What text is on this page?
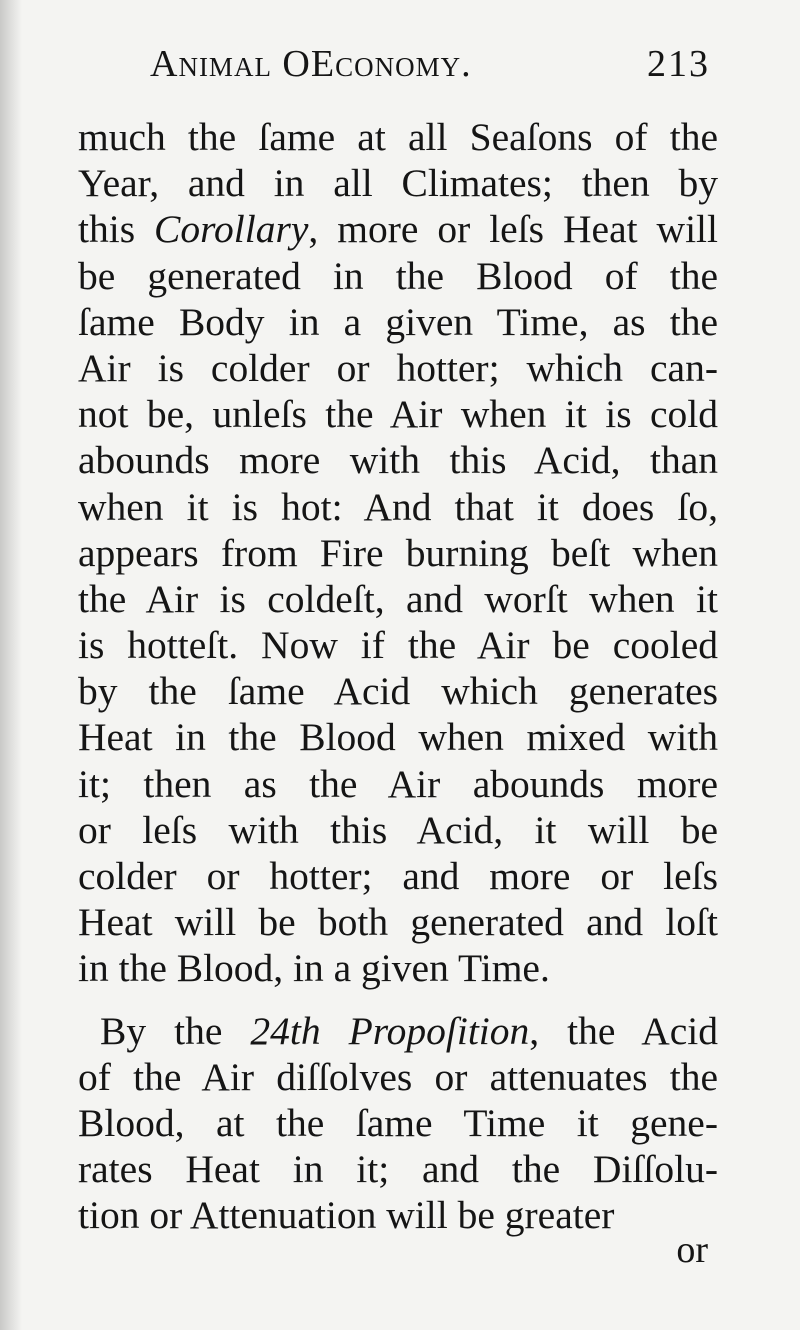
Animal OEconomy.	213
much the ſame at all Seaſons of the
Year, and in all Climates; then by
this Corollary, more or leſs Heat will
be generated in the Blood of the
ſame Body in a given Time, as the
Air is colder or hotter; which can-
not be, unleſs the Air when it is cold
abounds more with this Acid, than
when it is hot: And that it does ſo,
appears from Fire burning beſt when
the Air is coldeſt, and worſt when it
is hotteſt. Now if the Air be cooled
by the ſame Acid which generates
Heat in the Blood when mixed with
it; then as the Air abounds more
or leſs with this Acid, it will be
colder or hotter; and more or leſs
Heat will be both generated and loſt
in the Blood, in a given Time.
By the 24th Propoſition, the Acid
of the Air diſſolves or attenuates the
Blood, at the ſame Time it gene-
rates Heat in it; and the Diſſolu-
tion or Attenuation will be greater
or
